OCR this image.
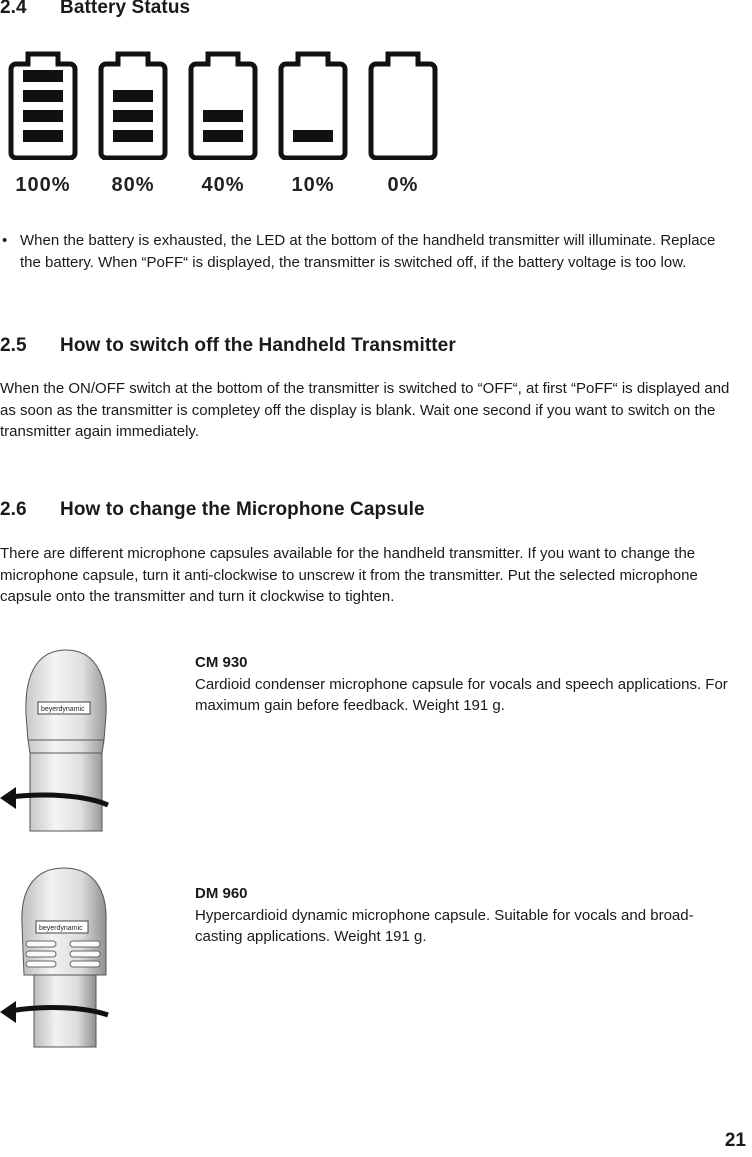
2.4 Battery Status
100%	80%	40%	10%	0%
• When the battery is exhausted, the LED at the bottom of the handheld transmitter will illuminate. Replace the battery. When “PoFF“ is displayed, the transmitter is switched off, if the battery voltage is too low.
2.5 How to switch off the Handheld Transmitter

When the ON/OFF switch at the bottom of the transmitter is switched to “OFF“, at first “PoFF“ is displayed and as soon as the transmitter is completey off the display is blank. Wait one second if you want to switch on the transmitter again immediately.

2.6 How to change the Microphone Capsule

There are different microphone capsules available for the handheld transmitter. If you want to change the microphone capsule, turn it anti-clockwise to unscrew it from the transmitter. Put the selected microphone capsule onto the transmitter and turn it clockwise to tighten.

beyerdynamic
CM 930
Cardioid condenser microphone capsule for vocals and speech applications. For maximum gain before feedback. Weight 191 g.
beyerdynamic
DM 960
Hypercardioid dynamic microphone capsule. Suitable for vocals and broad-casting applications. Weight 191 g.
21
